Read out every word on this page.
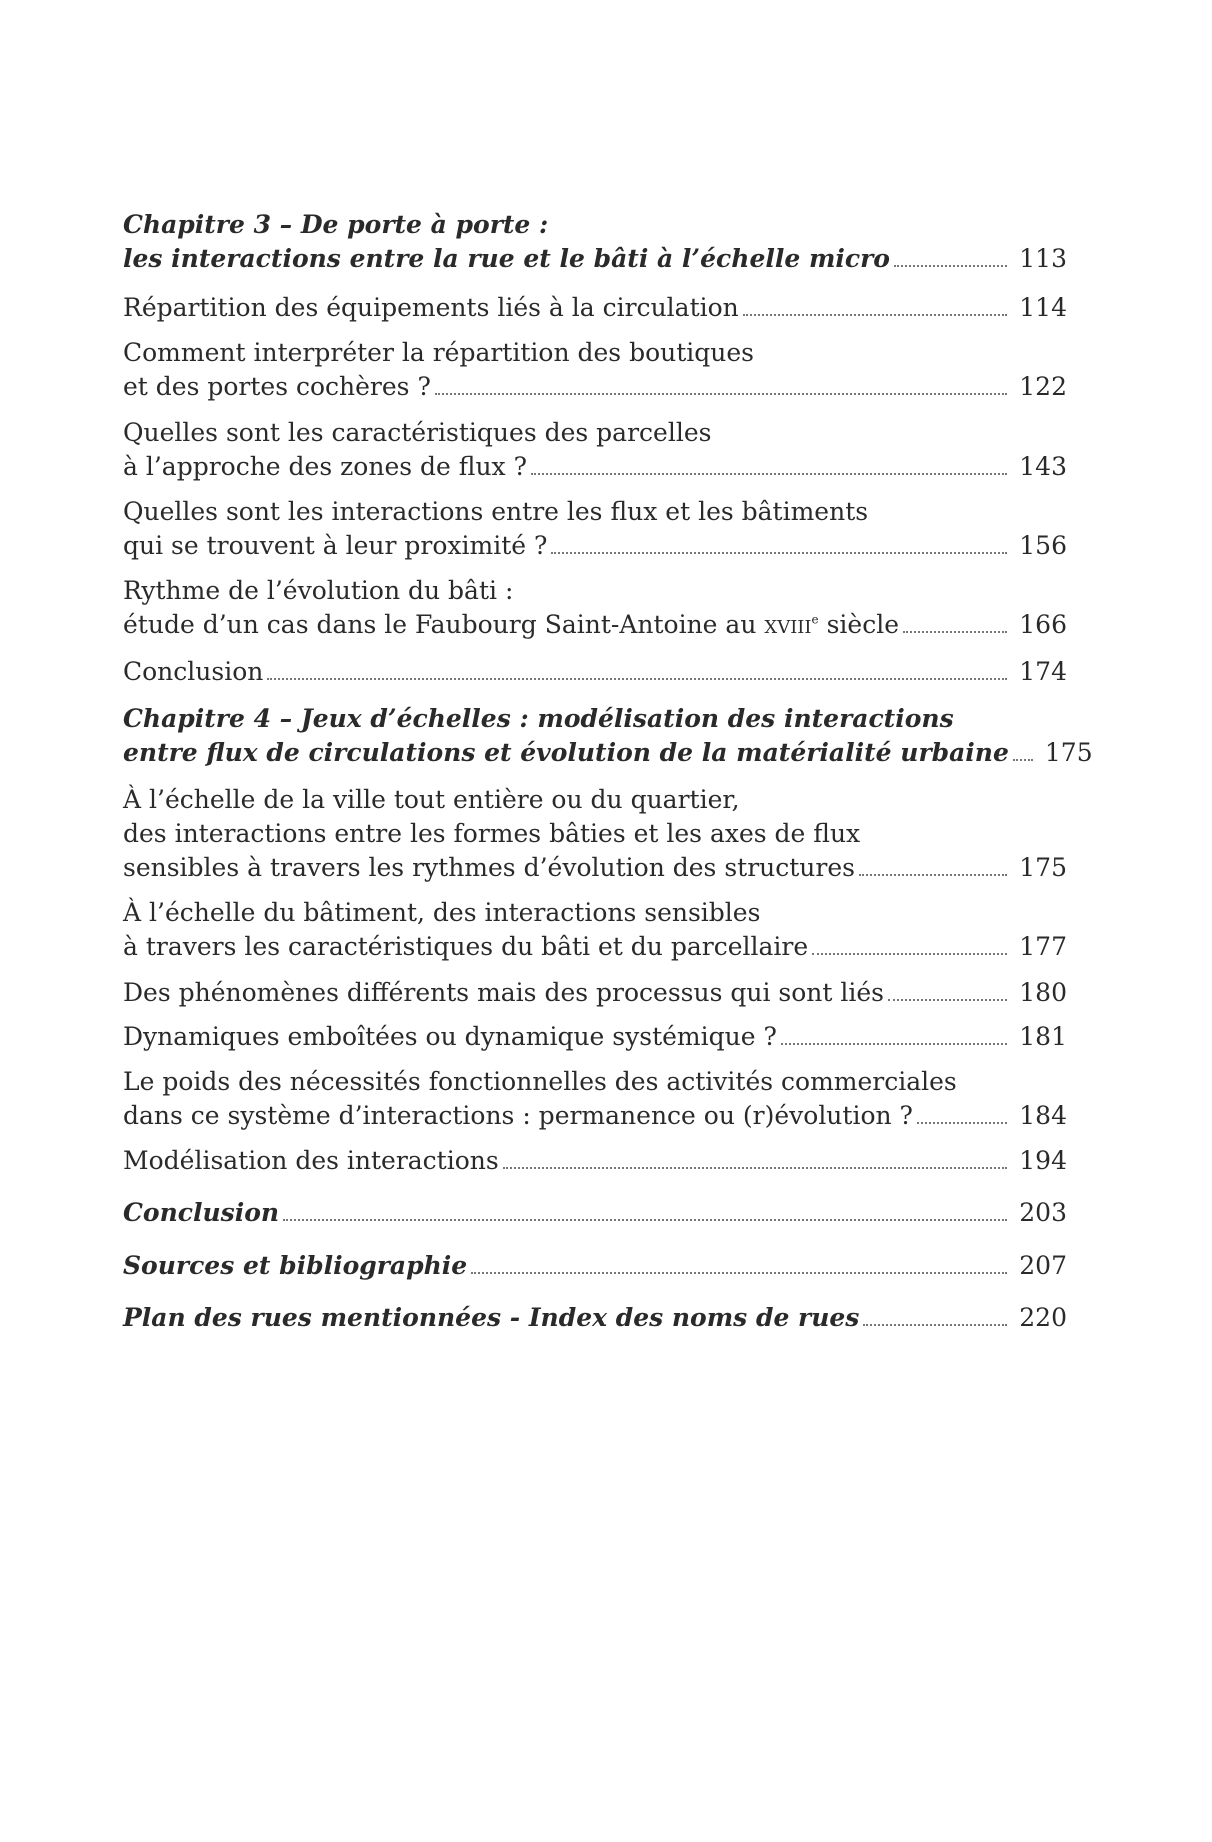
Chapitre 3 – De porte à porte :
les interactions entre la rue et le bâti à l’échelle micro	113
Répartition des équipements liés à la circulation	114
Comment interpréter la répartition des boutiques
et des portes cochères ?	122
Quelles sont les caractéristiques des parcelles
à l’approche des zones de flux ?	143
Quelles sont les interactions entre les flux et les bâtiments
qui se trouvent à leur proximité ?	156
Rythme de l’évolution du bâti :
étude d’un cas dans le Faubourg Saint-Antoine au xviii$^e$ siècle	166
Conclusion	174
Chapitre 4 – Jeux d’échelles : modélisation des interactions
entre flux de circulations et évolution de la matérialité urbaine 175
À l’échelle de la ville tout entière ou du quartier,
des interactions entre les formes bâties et les axes de flux
sensibles à travers les rythmes d’évolution des structures	175
À l’échelle du bâtiment, des interactions sensibles
à travers les caractéristiques du bâti et du parcellaire	177
Des phénomènes différents mais des processus qui sont liés	180
Dynamiques emboîtées ou dynamique systémique ?	181
Le poids des nécessités fonctionnelles des activités commerciales
dans ce système d’interactions : permanence ou (r)évolution ?	184
Modélisation des interactions	194
Conclusion	203
Sources et bibliographie	207
Plan des rues mentionnées - Index des noms de rues	220
